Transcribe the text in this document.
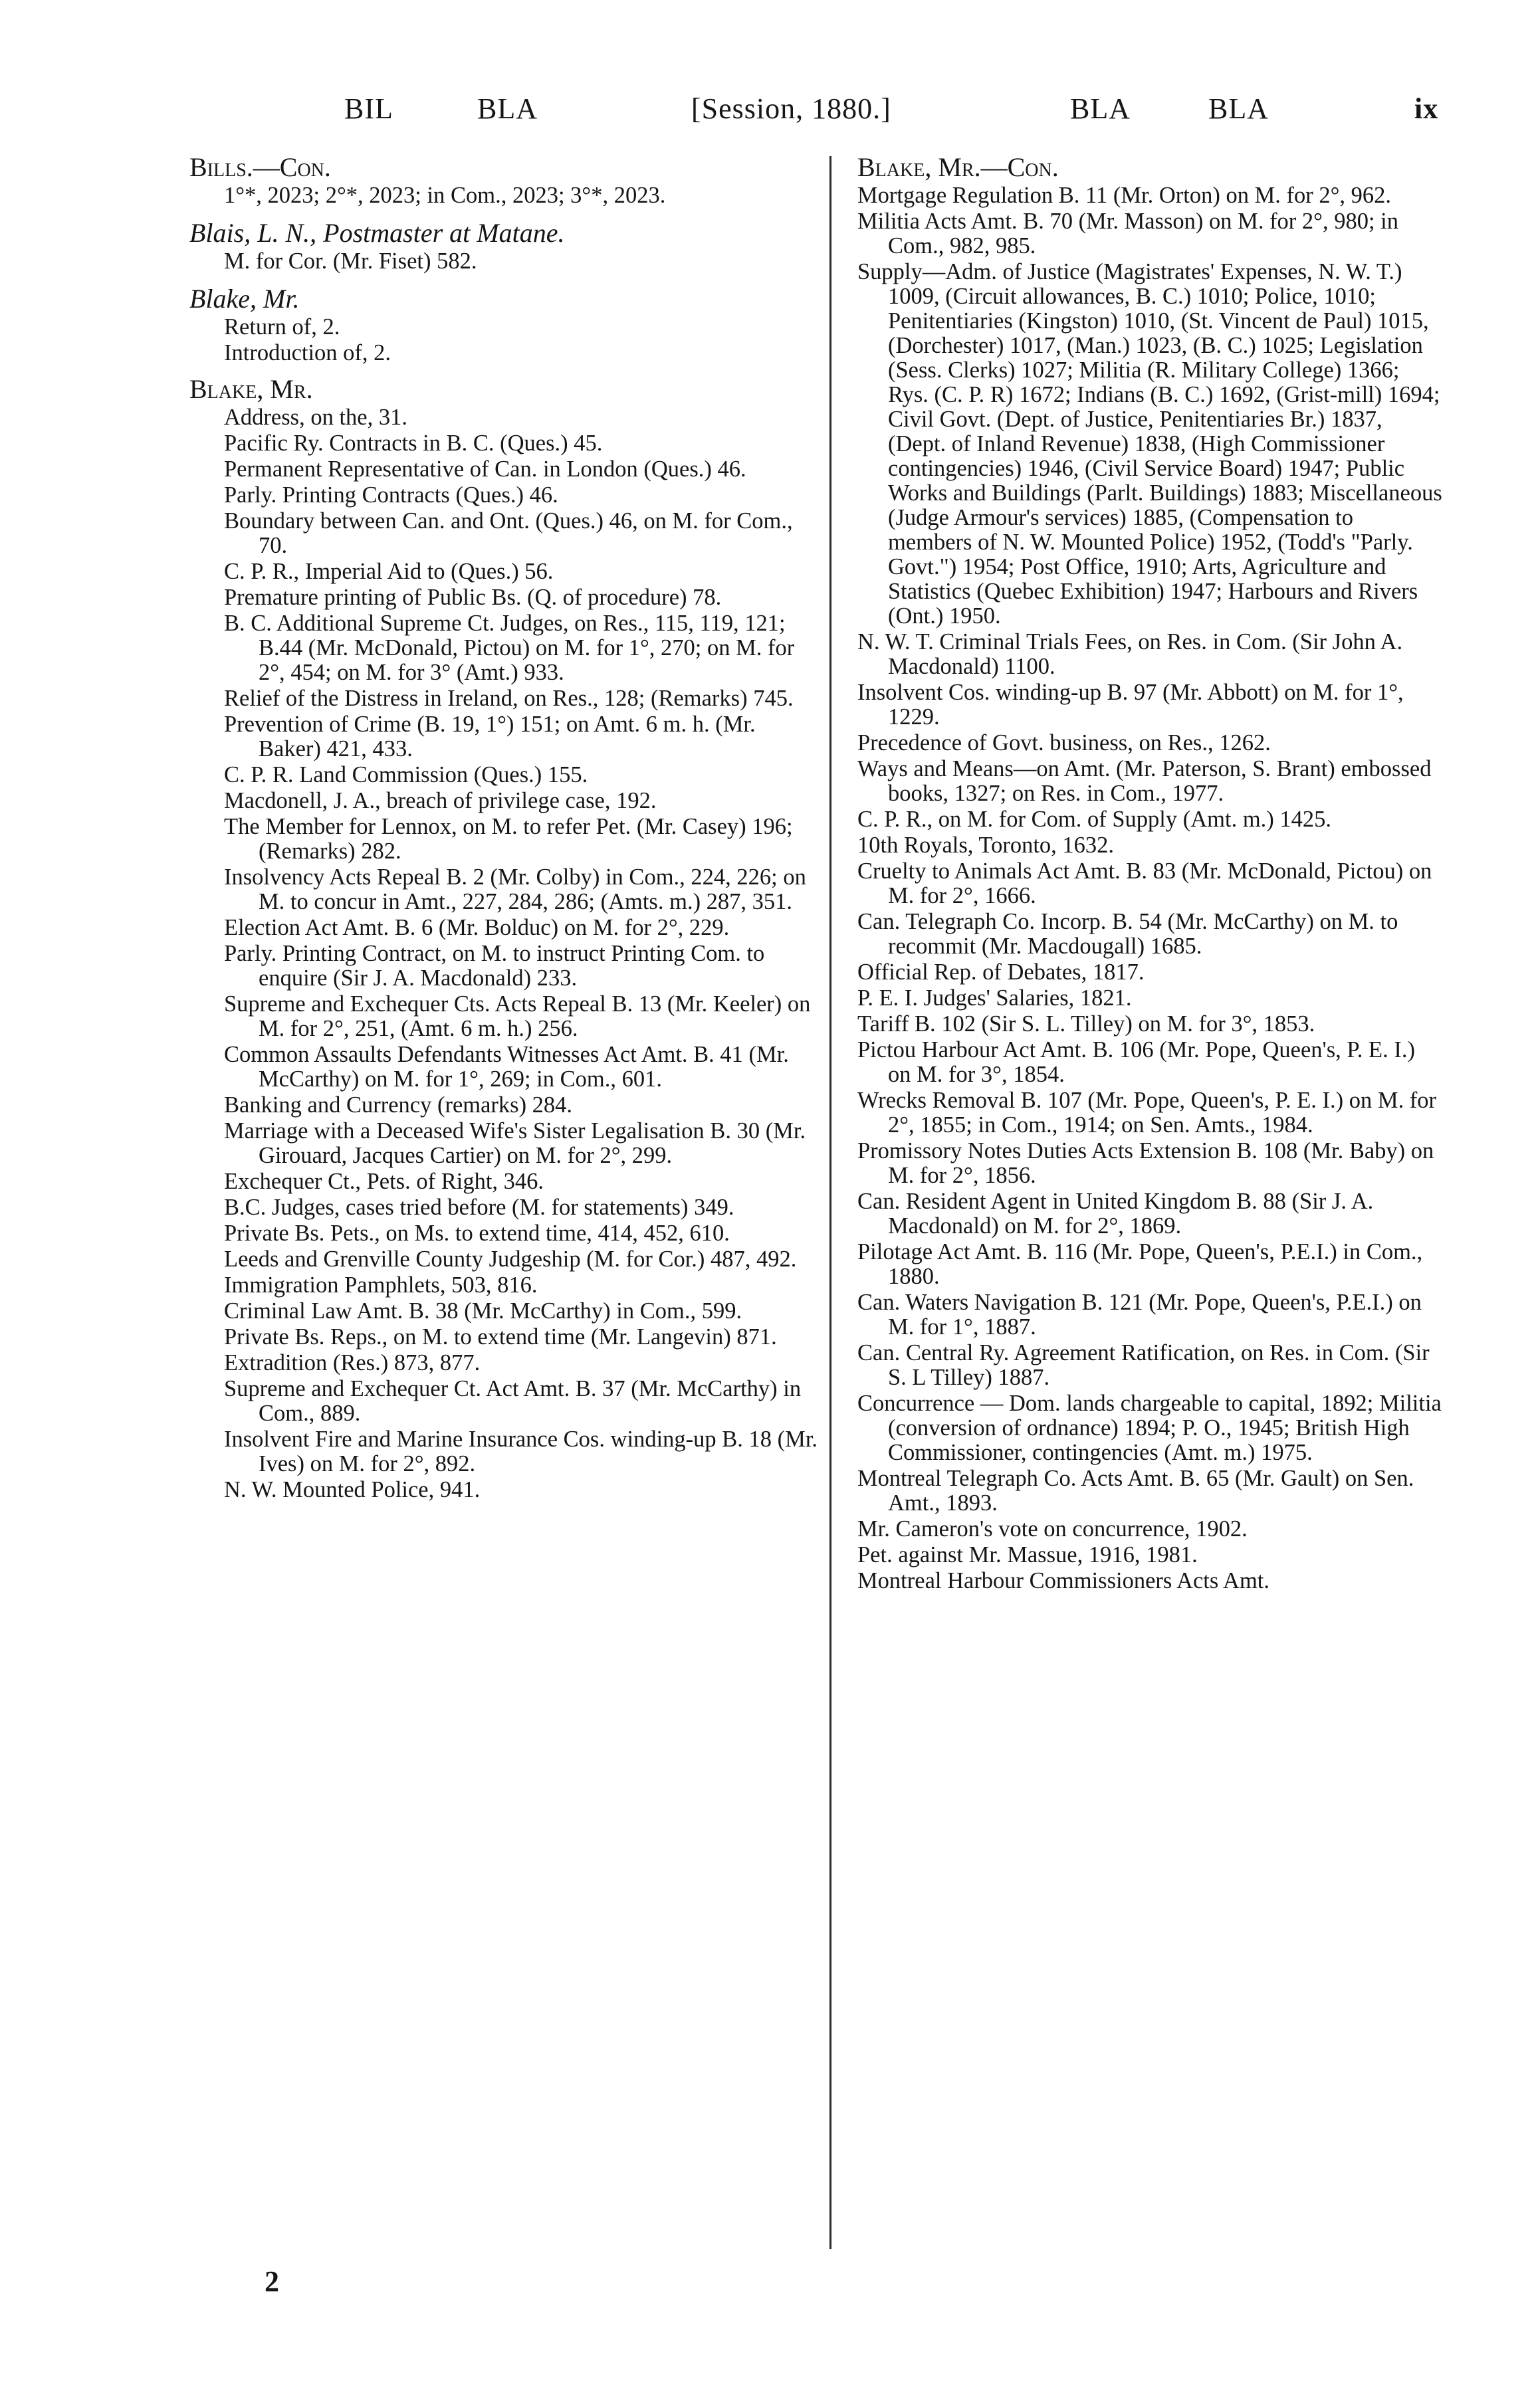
BIL	BLA	[Session, 1880.]	BLA	BLA	ix
Bills.—Con.
1°*, 2023; 2°*, 2023; in Com., 2023; 3°*, 2023.
Blais, L. N., Postmaster at Matane.
M. for Cor. (Mr. Fiset) 582.
Blake, Mr.
Return of, 2.
Introduction of, 2.
Blake, Mr.
Address, on the, 31.
Pacific Ry. Contracts in B. C. (Ques.) 45.
Permanent Representative of Can. in London (Ques.) 46.
Parly. Printing Contracts (Ques.) 46.
Boundary between Can. and Ont. (Ques.) 46, on M. for Com., 70.
C. P. R., Imperial Aid to (Ques.) 56.
Premature printing of Public Bs. (Q. of procedure) 78.
B. C. Additional Supreme Ct. Judges, on Res., 115, 119, 121; B.44 (Mr. McDonald, Pictou) on M. for 1°, 270; on M. for 2°, 454; on M. for 3° (Amt.) 933.
Relief of the Distress in Ireland, on Res., 128; (Remarks) 745.
Prevention of Crime (B. 19, 1°) 151; on Amt. 6 m. h. (Mr. Baker) 421, 433.
C. P. R. Land Commission (Ques.) 155.
Macdonell, J. A., breach of privilege case, 192.
The Member for Lennox, on M. to refer Pet. (Mr. Casey) 196; (Remarks) 282.
Insolvency Acts Repeal B. 2 (Mr. Colby) in Com., 224, 226; on M. to concur in Amt., 227, 284, 286; (Amts. m.) 287, 351.
Election Act Amt. B. 6 (Mr. Bolduc) on M. for 2°, 229.
Parly. Printing Contract, on M. to instruct Printing Com. to enquire (Sir J. A. Macdonald) 233.
Supreme and Exchequer Cts. Acts Repeal B. 13 (Mr. Keeler) on M. for 2°, 251, (Amt. 6 m. h.) 256.
Common Assaults Defendants Witnesses Act Amt. B. 41 (Mr. McCarthy) on M. for 1°, 269; in Com., 601.
Banking and Currency (remarks) 284.
Marriage with a Deceased Wife's Sister Legalisation B. 30 (Mr. Girouard, Jacques Cartier) on M. for 2°, 299.
Exchequer Ct., Pets. of Right, 346.
B.C. Judges, cases tried before (M. for statements) 349.
Private Bs. Pets., on Ms. to extend time, 414, 452, 610.
Leeds and Grenville County Judgeship (M. for Cor.) 487, 492.
Immigration Pamphlets, 503, 816.
Criminal Law Amt. B. 38 (Mr. McCarthy) in Com., 599.
Private Bs. Reps., on M. to extend time (Mr. Langevin) 871.
Extradition (Res.) 873, 877.
Supreme and Exchequer Ct. Act Amt. B. 37 (Mr. McCarthy) in Com., 889.
Insolvent Fire and Marine Insurance Cos. winding-up B. 18 (Mr. Ives) on M. for 2°, 892.
N. W. Mounted Police, 941.
Blake, Mr.—Con.
Mortgage Regulation B. 11 (Mr. Orton) on M. for 2°, 962.
Militia Acts Amt. B. 70 (Mr. Masson) on M. for 2°, 980; in Com., 982, 985.
Supply—Adm. of Justice (Magistrates' Expenses, N. W. T.) 1009, (Circuit allowances, B. C.) 1010; Police, 1010; Penitentiaries (Kingston) 1010, (St. Vincent de Paul) 1015, (Dorchester) 1017, (Man.) 1023, (B. C.) 1025; Legislation (Sess. Clerks) 1027; Militia (R. Military College) 1366; Rys. (C. P. R) 1672; Indians (B. C.) 1692, (Grist-mill) 1694; Civil Govt. (Dept. of Justice, Penitentiaries Br.) 1837, (Dept. of Inland Revenue) 1838, (High Commissioner contingencies) 1946, (Civil Service Board) 1947; Public Works and Buildings (Parlt. Buildings) 1883; Miscellaneous (Judge Armour's services) 1885, (Compensation to members of N. W. Mounted Police) 1952, (Todd's "Parly. Govt.") 1954; Post Office, 1910; Arts, Agriculture and Statistics (Quebec Exhibition) 1947; Harbours and Rivers (Ont.) 1950.
N. W. T. Criminal Trials Fees, on Res. in Com. (Sir John A. Macdonald) 1100.
Insolvent Cos. winding-up B. 97 (Mr. Abbott) on M. for 1°, 1229.
Precedence of Govt. business, on Res., 1262.
Ways and Means—on Amt. (Mr. Paterson, S. Brant) embossed books, 1327; on Res. in Com., 1977.
C. P. R., on M. for Com. of Supply (Amt. m.) 1425.
10th Royals, Toronto, 1632.
Cruelty to Animals Act Amt. B. 83 (Mr. McDonald, Pictou) on M. for 2°, 1666.
Can. Telegraph Co. Incorp. B. 54 (Mr. McCarthy) on M. to recommit (Mr. Macdougall) 1685.
Official Rep. of Debates, 1817.
P. E. I. Judges' Salaries, 1821.
Tariff B. 102 (Sir S. L. Tilley) on M. for 3°, 1853.
Pictou Harbour Act Amt. B. 106 (Mr. Pope, Queen's, P. E. I.) on M. for 3°, 1854.
Wrecks Removal B. 107 (Mr. Pope, Queen's, P. E. I.) on M. for 2°, 1855; in Com., 1914; on Sen. Amts., 1984.
Promissory Notes Duties Acts Extension B. 108 (Mr. Baby) on M. for 2°, 1856.
Can. Resident Agent in United Kingdom B. 88 (Sir J. A. Macdonald) on M. for 2°, 1869.
Pilotage Act Amt. B. 116 (Mr. Pope, Queen's, P.E.I.) in Com., 1880.
Can. Waters Navigation B. 121 (Mr. Pope, Queen's, P.E.I.) on M. for 1°, 1887.
Can. Central Ry. Agreement Ratification, on Res. in Com. (Sir S. L Tilley) 1887.
Concurrence — Dom. lands chargeable to capital, 1892; Militia (conversion of ordnance) 1894; P. O., 1945; British High Commissioner, contingencies (Amt. m.) 1975.
Montreal Telegraph Co. Acts Amt. B. 65 (Mr. Gault) on Sen. Amt., 1893.
Mr. Cameron's vote on concurrence, 1902.
Pet. against Mr. Massue, 1916, 1981.
Montreal Harbour Commissioners Acts Amt.
2
